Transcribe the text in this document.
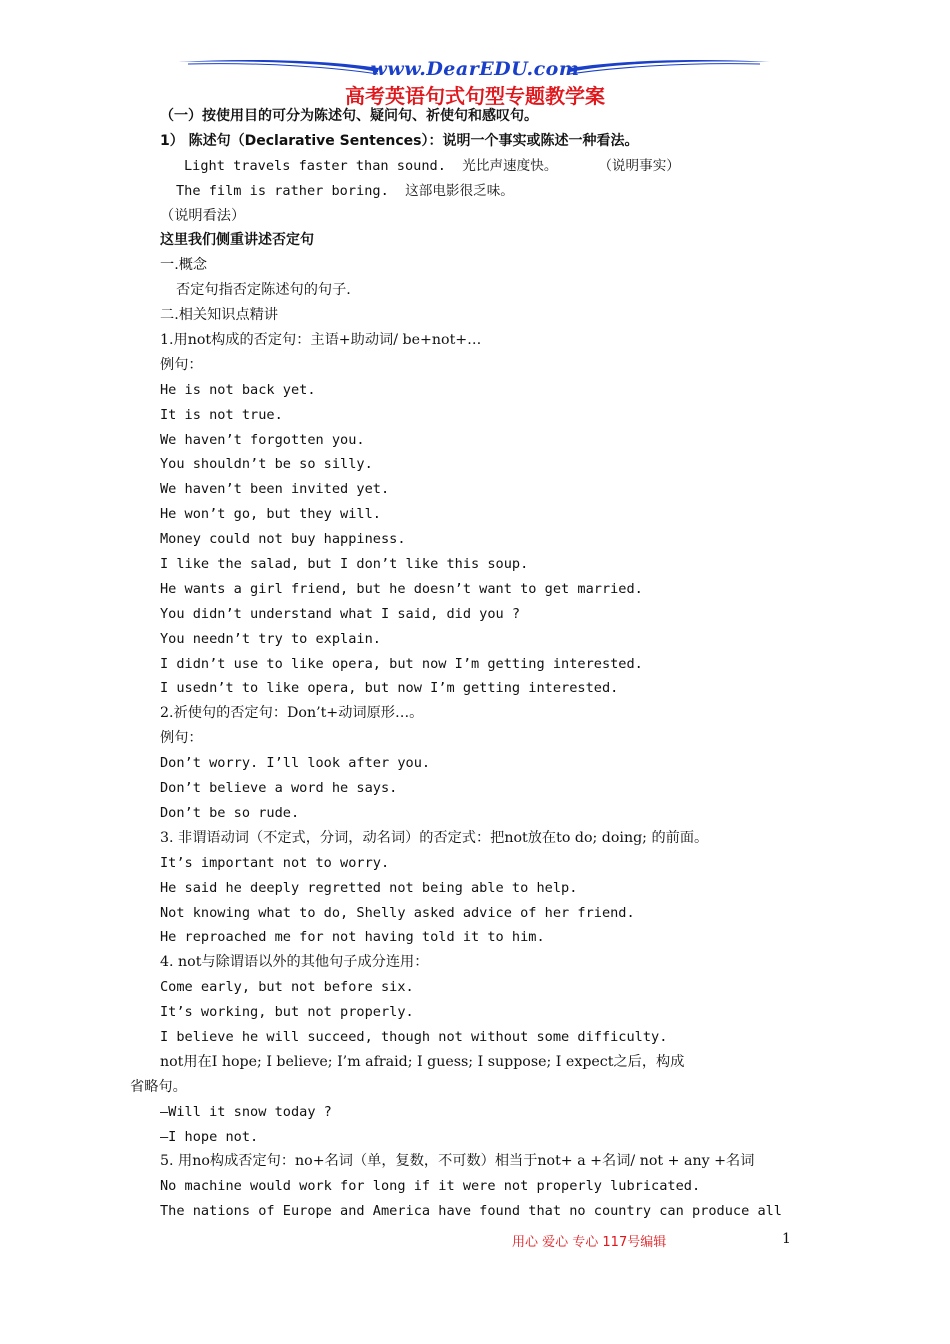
www.DearEDU.com
高考英语句式句型专题教学案
（一）按使用目的可分为陈述句、疑问句、祈使句和感叹句。
1） 陈述句（Declarative Sentences）：说明一个事实或陈述一种看法。
Light travels faster than sound.  光比声速度快。     （说明事实）
The film is rather boring.  这部电影很乏味。
（说明看法）
这里我们侧重讲述否定句
一.概念
否定句指否定陈述句的句子.
二.相关知识点精讲
1.用not构成的否定句：主语+助动词/ be+not+…
例句：
He is not back yet.
It is not true.
We haven’t forgotten you.
You shouldn’t be so silly.
We haven’t been invited yet.
He won’t go, but they will.
Money could not buy happiness.
I like the salad, but I don’t like this soup.
He wants a girl friend, but he doesn’t want to get married.
You didn’t understand what I said, did you ?
You needn’t try to explain.
I didn’t use to like opera, but now I’m getting interested.
I usedn’t to like opera, but now I’m getting interested.
2.祈使句的否定句：Don’t+动词原形…。
例句：
Don’t worry. I’ll look after you.
Don’t believe a word he says.
Don’t be so rude.
3. 非谓语动词（不定式，分词，动名词）的否定式：把not放在to do; doing; 的前面。
It’s important not to worry.
He said he deeply regretted not being able to help.
Not knowing what to do, Shelly asked advice of her friend.
He reproached me for not having told it to him.
4. not与除谓语以外的其他句子成分连用：
Come early, but not before six.
It’s working, but not properly.
I believe he will succeed, though not without some difficulty.
not用在I hope; I believe; I’m afraid; I guess; I suppose; I expect之后，构成
省略句。
—Will it snow today ?
—I hope not.
5. 用no构成否定句：no+名词（单，复数，不可数）相当于not+ a +名词/ not + any +名词
No machine would work for long if it were not properly lubricated.
The nations of Europe and America have found that no country can produce all
用心 爱心 专心 117号编辑	1
